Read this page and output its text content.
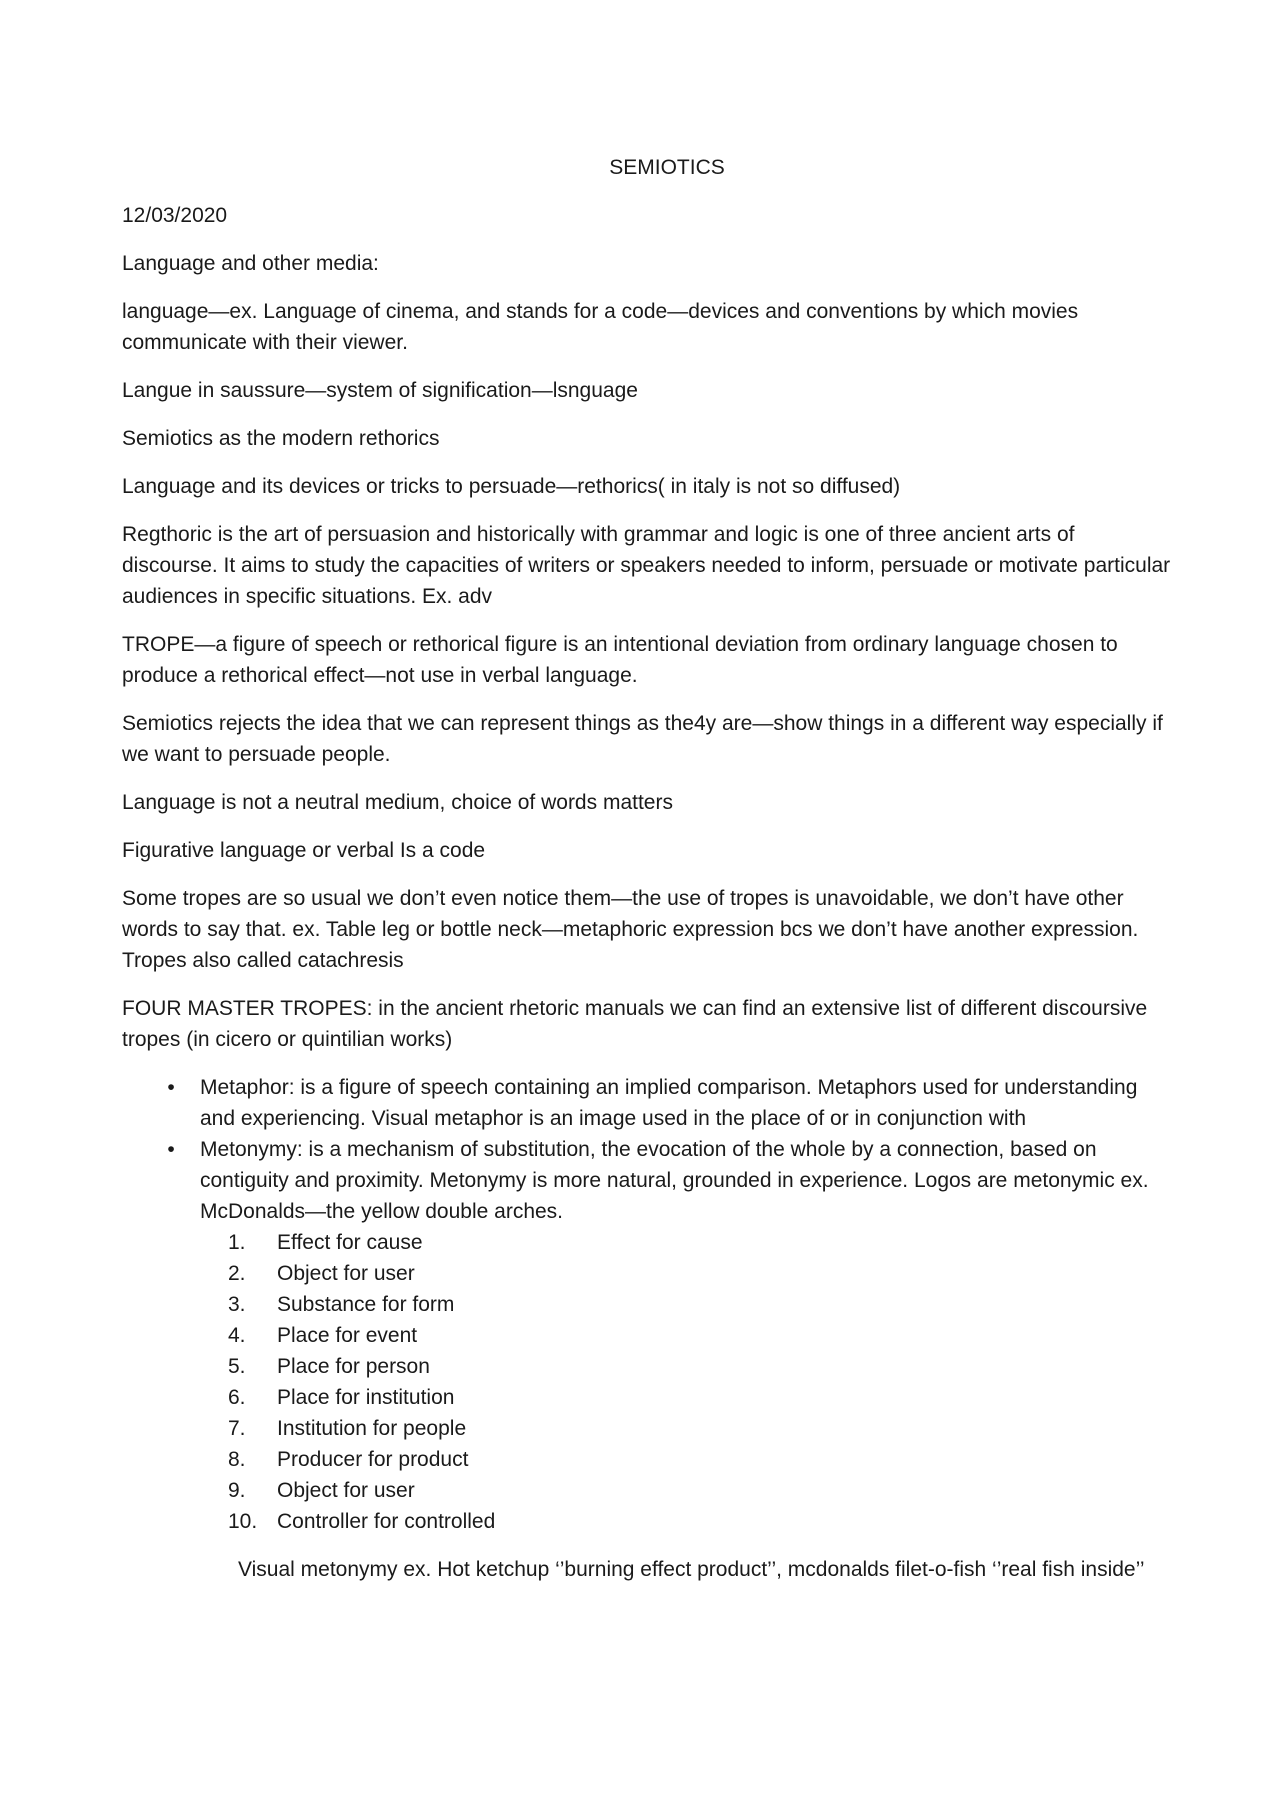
SEMIOTICS

12/03/2020

Language and other media:

language—ex. Language of cinema, and stands for a code—devices and conventions by which movies communicate with their viewer.

Langue in saussure—system of signification—lsnguage

Semiotics as the modern rethorics

Language and its devices or tricks to persuade—rethorics( in italy is not so diffused)

Regthoric is the art of persuasion and historically with grammar and logic is one of three ancient arts of discourse. It aims to study the capacities of writers or speakers needed to inform, persuade or motivate particular audiences in specific situations. Ex. adv

TROPE—a figure of speech or rethorical figure is an intentional deviation from ordinary language chosen to produce a rethorical effect—not use in verbal language.

Semiotics rejects the idea that we can represent things as the4y are—show things in a different way especially if we want to persuade people.

Language is not a neutral medium, choice of words matters

Figurative language or verbal Is a code

Some tropes are so usual we don’t even notice them—the use of tropes is unavoidable, we don’t have other words to say that. ex. Table leg or bottle neck—metaphoric expression bcs we don’t have another expression. Tropes also called catachresis

FOUR MASTER TROPES: in the ancient rhetoric manuals we can find an extensive list of different discoursive tropes (in cicero or quintilian works)

•	Metaphor: is a figure of speech containing an implied comparison. Metaphors used for understanding and experiencing. Visual metaphor is an image used in the place of or in conjunction with
•	Metonymy: is a mechanism of substitution, the evocation of the whole by a connection, based on contiguity and proximity. Metonymy is more natural, grounded in experience. Logos are metonymic ex. McDonalds—the yellow double arches.
1.	Effect for cause
2.	Object for user
3.	Substance for form
4.	Place for event
5.	Place for person
6.	Place for institution
7.	Institution for people
8.	Producer for product
9.	Object for user
10. Controller for controlled

Visual metonymy ex. Hot ketchup ‘’burning effect product’’, mcdonalds filet-o-fish ‘’real fish inside’’
